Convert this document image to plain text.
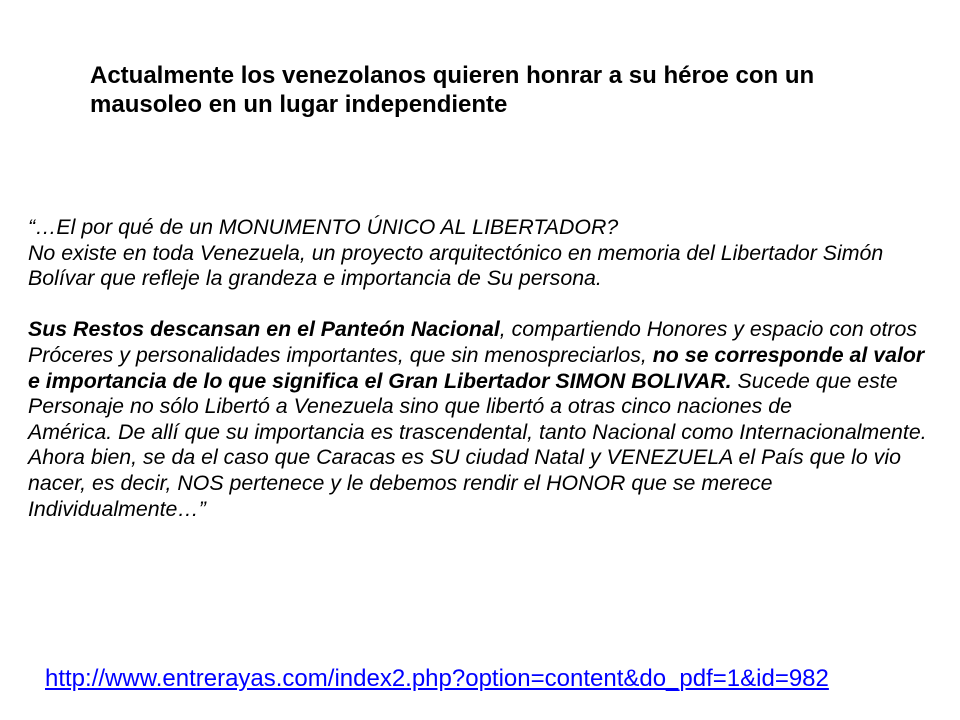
Actualmente los venezolanos quieren honrar a su héroe con un
mausoleo en un lugar independiente
“…El por qué de un MONUMENTO ÚNICO AL LIBERTADOR?
No existe en toda Venezuela, un proyecto arquitectónico en memoria del Libertador Simón
Bolívar que refleje la grandeza e importancia de Su persona.
Sus Restos descansan en el Panteón Nacional, compartiendo Honores y espacio con otros
Próceres y personalidades importantes, que sin menospreciarlos, no se corresponde al valor
e importancia de lo que significa el Gran Libertador SIMON BOLIVAR. Sucede que este
Personaje no sólo Libertó a Venezuela sino que libertó a otras cinco naciones de
América. De allí que su importancia es trascendental, tanto Nacional como Internacionalmente.
Ahora bien, se da el caso que Caracas es SU ciudad Natal y VENEZUELA el País que lo vio
nacer, es decir, NOS pertenece y le debemos rendir el HONOR que se merece
Individualmente…”
http://www.entrerayas.com/index2.php?option=content&do_pdf=1&id=982
